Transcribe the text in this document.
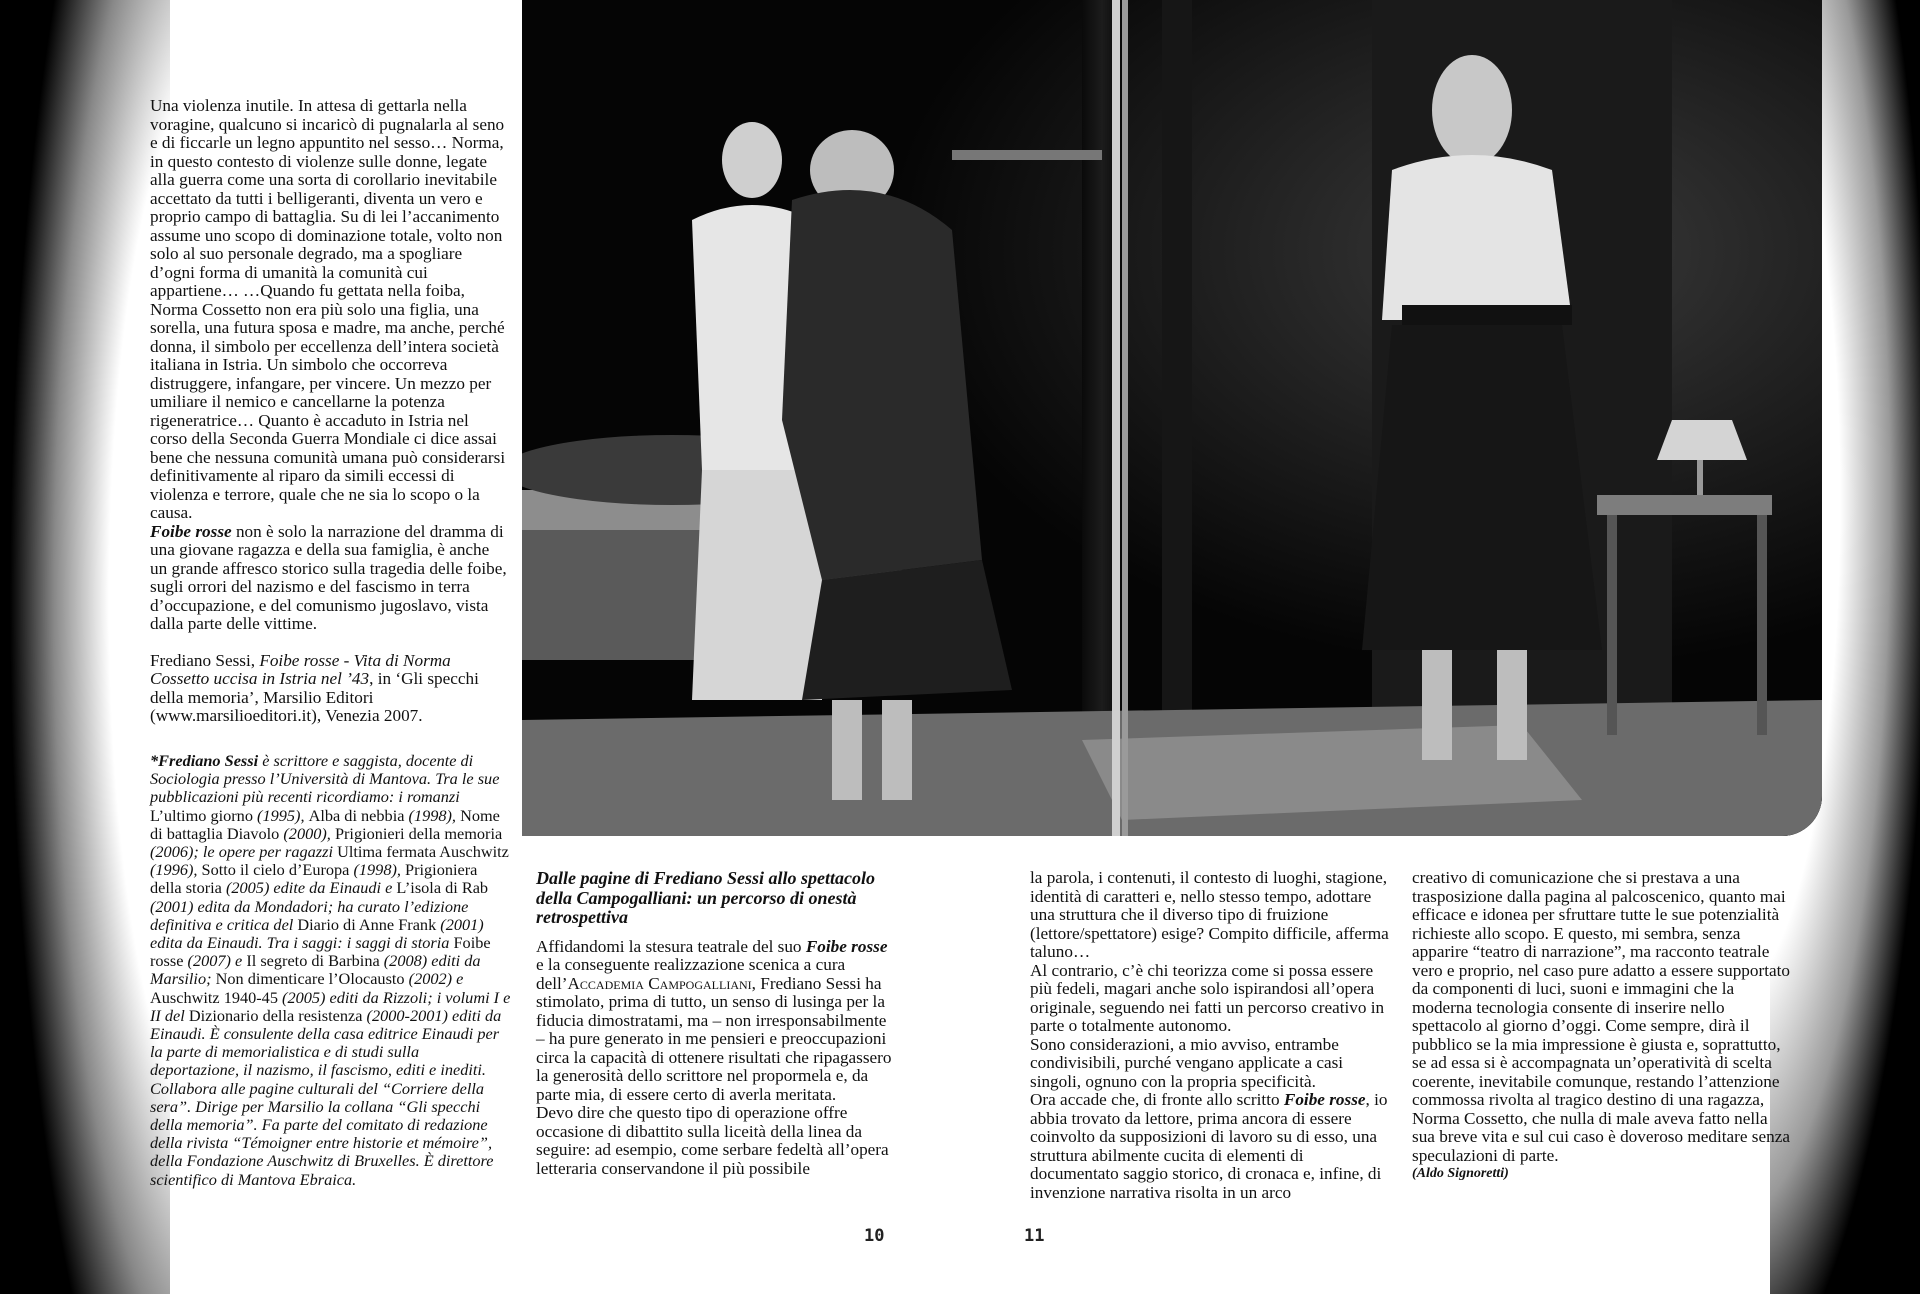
Una violenza inutile. In attesa di gettarla nella voragine, qualcuno si incaricò di pugnalarla al seno e di ficcarle un legno appuntito nel sesso… Norma, in questo contesto di violenze sulle donne, legate alla guerra come una sorta di corollario inevitabile accettato da tutti i belligeranti, diventa un vero e proprio campo di battaglia. Su di lei l’accanimento assume uno scopo di dominazione totale, volto non solo al suo personale degrado, ma a spogliare d’ogni forma di umanità la comunità cui appartiene… …Quando fu gettata nella foiba, Norma Cossetto non era più solo una figlia, una sorella, una futura sposa e madre, ma anche, perché donna, il simbolo per eccellenza dell’intera società italiana in Istria. Un simbolo che occorreva distruggere, infangare, per vincere. Un mezzo per umiliare il nemico e cancellarne la potenza rigeneratrice… Quanto è accaduto in Istria nel corso della Seconda Guerra Mondiale ci dice assai bene che nessuna comunità umana può considerarsi definitivamente al riparo da simili eccessi di violenza e terrore, quale che ne sia lo scopo o la causa.

Foibe rosse non è solo la narrazione del dramma di una giovane ragazza e della sua famiglia, è anche un grande affresco storico sulla tragedia delle foibe, sugli orrori del nazismo e del fascismo in terra d’occupazione, e del comunismo jugoslavo, vista dalla parte delle vittime.

Frediano Sessi, Foibe rosse - Vita di Norma Cossetto uccisa in Istria nel ’43, in ‘Gli specchi della memoria’, Marsilio Editori (www.marsilioeditori.it), Venezia 2007.

*Frediano Sessi è scrittore e saggista, docente di Sociologia presso l’Università di Mantova. Tra le sue pubblicazioni più recenti ricordiamo: i romanzi L’ultimo giorno (1995), Alba di nebbia (1998), Nome di battaglia Diavolo (2000), Prigionieri della memoria (2006); le opere per ragazzi Ultima fermata Auschwitz (1996), Sotto il cielo d’Europa (1998), Prigioniera della storia (2005) edite da Einaudi e L’isola di Rab (2001) edita da Mondadori; ha curato l’edizione definitiva e critica del Diario di Anne Frank (2001) edita da Einaudi. Tra i saggi: i saggi di storia Foibe rosse (2007) e Il segreto di Barbina (2008) editi da Marsilio; Non dimenticare l’Olocausto (2002) e Auschwitz 1940-45 (2005) editi da Rizzoli; i volumi I e II del Dizionario della resistenza (2000-2001) editi da Einaudi. È consulente della casa editrice Einaudi per la parte di memorialistica e di studi sulla deportazione, il nazismo, il fascismo, editi e inediti. Collabora alle pagine culturali del “Corriere della sera”. Dirige per Marsilio la collana “Gli specchi della memoria”. Fa parte del comitato di redazione della rivista “Témoigner entre historie et mémoire”, della Fondazione Auschwitz di Bruxelles. È direttore scientifico di Mantova Ebraica.

Dalle pagine di Frediano Sessi allo spettacolo della Campogalliani: un percorso di onestà retrospettiva

Affidandomi la stesura teatrale del suo Foibe rosse e la conseguente realizzazione scenica a cura dell’Accademia Campogalliani, Frediano Sessi ha stimolato, prima di tutto, un senso di lusinga per la fiducia dimostratami, ma – non irresponsabilmente – ha pure generato in me pensieri e preoccupazioni circa la capacità di ottenere risultati che ripagassero la generosità dello scrittore nel propormela e, da parte mia, di essere certo di averla meritata.

Devo dire che questo tipo di operazione offre occasione di dibattito sulla liceità della linea da seguire: ad esempio, come serbare fedeltà all’opera letteraria conservandone il più possibile

la parola, i contenuti, il contesto di luoghi, stagione, identità di caratteri e, nello stesso tempo, adottare una struttura che il diverso tipo di fruizione (lettore/spettatore) esige? Compito difficile, afferma taluno…

Al contrario, c’è chi teorizza come si possa essere più fedeli, magari anche solo ispirandosi all’opera originale, seguendo nei fatti un percorso creativo in parte o totalmente autonomo.

Sono considerazioni, a mio avviso, entrambe condivisibili, purché vengano applicate a casi singoli, ognuno con la propria specificità.

Ora accade che, di fronte allo scritto Foibe rosse, io abbia trovato da lettore, prima ancora di essere coinvolto da supposizioni di lavoro su di esso, una struttura abilmente cucita di elementi di documentato saggio storico, di cronaca e, infine, di invenzione narrativa risolta in un arco

creativo di comunicazione che si prestava a una trasposizione dalla pagina al palcoscenico, quanto mai efficace e idonea per sfruttare tutte le sue potenzialità richieste allo scopo. E questo, mi sembra, senza apparire “teatro di narrazione”, ma racconto teatrale vero e proprio, nel caso pure adatto a essere supportato da componenti di luci, suoni e immagini che la moderna tecnologia consente di inserire nello spettacolo al giorno d’oggi. Come sempre, dirà il pubblico se la mia impressione è giusta e, soprattutto, se ad essa si è accompagnata un’operatività di scelta coerente, inevitabile comunque, restando l’attenzione commossa rivolta al tragico destino di una ragazza, Norma Cossetto, che nulla di male aveva fatto nella sua breve vita e sul cui caso è doveroso meditare senza speculazioni di parte.

(Aldo Signoretti)

10	11
